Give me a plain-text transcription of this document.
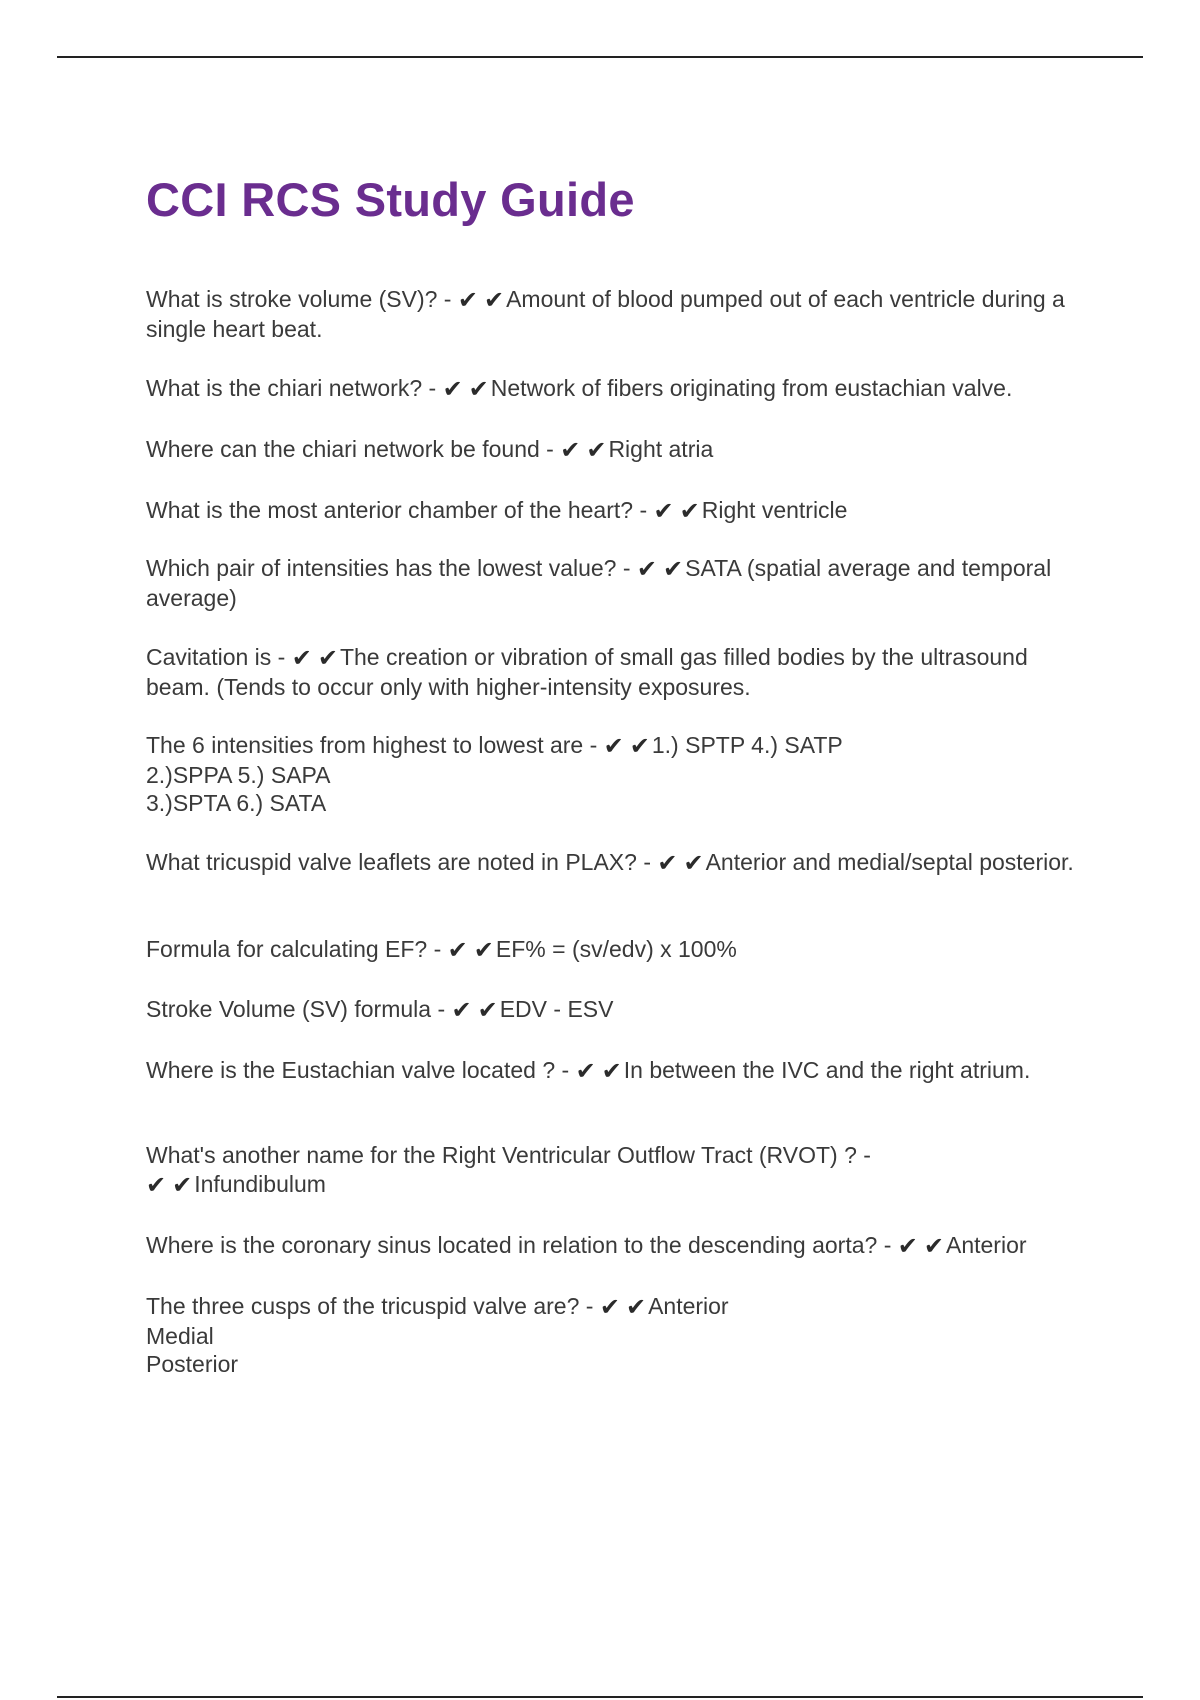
CCI RCS Study Guide
What is stroke volume (SV)? - ✔ ✔Amount of blood pumped out of each ventricle during a single heart beat.
What is the chiari network? - ✔ ✔Network of fibers originating from eustachian valve.
Where can the chiari network be found - ✔ ✔Right atria
What is the most anterior chamber of the heart? - ✔ ✔Right ventricle
Which pair of intensities has the lowest value? - ✔ ✔SATA (spatial average and temporal average)
Cavitation is - ✔ ✔The creation or vibration of small gas filled bodies by the ultrasound beam. (Tends to occur only with higher-intensity exposures.
The 6 intensities from highest to lowest are - ✔ ✔1.) SPTP 4.) SATP
2.)SPPA 5.) SAPA
3.)SPTA 6.) SATA
What tricuspid valve leaflets are noted in PLAX? - ✔ ✔Anterior and medial/septal posterior.
Formula for calculating EF? - ✔ ✔EF% = (sv/edv) x 100%
Stroke Volume (SV) formula - ✔ ✔EDV - ESV
Where is the Eustachian valve located ? - ✔ ✔In between the IVC and the right atrium.
What's another name for the Right Ventricular Outflow Tract (RVOT) ? -
✔ ✔Infundibulum
Where is the coronary sinus located in relation to the descending aorta? - ✔ ✔Anterior
The three cusps of the tricuspid valve are? - ✔ ✔Anterior
Medial
Posterior
